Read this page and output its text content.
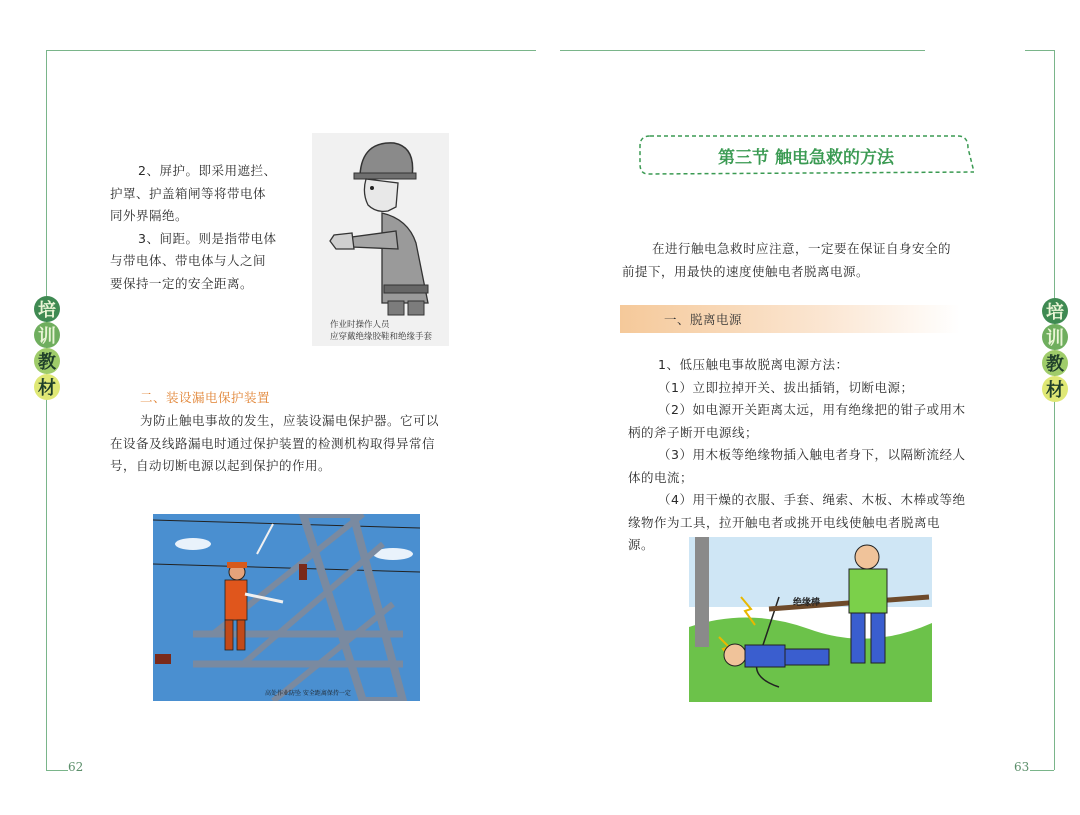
62	63
培
训
教
材
培
训
教
材

2、屏护。即采用遮拦、

护罩、护盖箱闸等将带电体

同外界隔绝。

3、间距。则是指带电体

与带电体、带电体与人之间

要保持一定的安全距离。

作业时操作人员
应穿戴绝缘胶鞋和绝缘手套
二、装设漏电保护装置

为防止触电事故的发生，应装设漏电保护器。它可以

在设备及线路漏电时通过保护装置的检测机构取得异常信

号，自动切断电源以起到保护的作用。

高处作业防坠 安全距离保持一定
第三节 触电急救的方法

在进行触电急救时应注意，一定要在保证自身安全的

前提下，用最快的速度使触电者脱离电源。

一、脱离电源

1、低压触电事故脱离电源方法：

（1）立即拉掉开关、拔出插销，切断电源；

（2）如电源开关距离太远，用有绝缘把的钳子或用木

柄的斧子断开电源线；

（3）用木板等绝缘物插入触电者身下，以隔断流经人

体的电流；

（4）用干燥的衣服、手套、绳索、木板、木棒或等绝

缘物作为工具，拉开触电者或挑开电线使触电者脱离电

源。

绝缘棒
